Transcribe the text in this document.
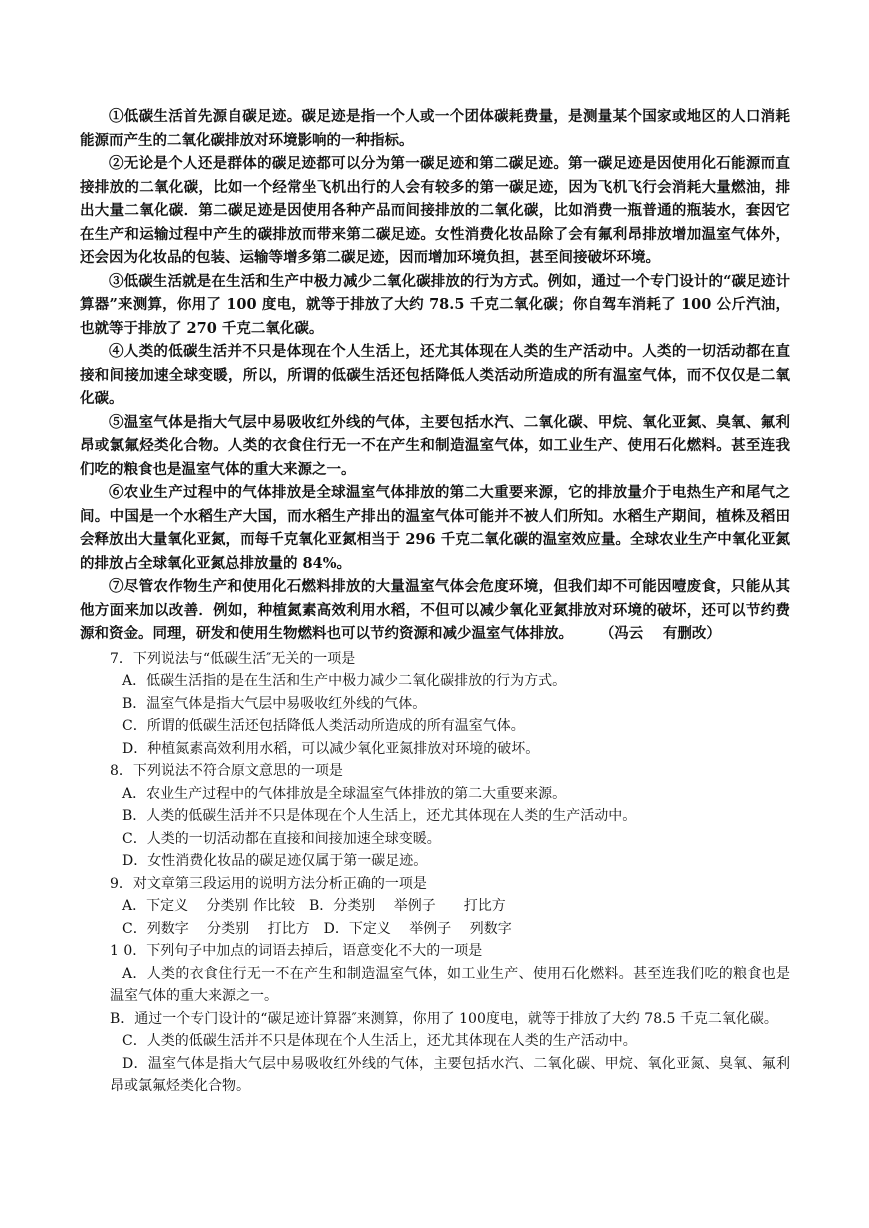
①低碳生活首先源自碳足迹。碳足迹是指一个人或一个团体碳耗费量，是测量某个国家或地区的人口消耗能源而产生的二氧化碳排放对环境影响的一种指标。

②无论是个人还是群体的碳足迹都可以分为第一碳足迹和第二碳足迹。第一碳足迹是因使用化石能源而直接排放的二氧化碳，比如一个经常坐飞机出行的人会有较多的第一碳足迹，因为飞机飞行会消耗大量燃油，排出大量二氧化碳．第二碳足迹是因使用各种产品而间接排放的二氧化碳，比如消费一瓶普通的瓶装水，套因它在生产和运输过程中产生的碳排放而带来第二碳足迹。女性消费化妆品除了会有氟利昂排放增加温室气体外，还会因为化妆品的包装、运输等增多第二碳足迹，因而增加环境负担，甚至间接破坏环境。

③低碳生活就是在生活和生产中极力减少二氧化碳排放的行为方式。例如，通过一个专门设计的“碳足迹计算器”来测算，你用了 100 度电，就等于排放了大约 78.5 千克二氧化碳；你自驾车消耗了 100 公斤汽油，也就等于排放了 270 千克二氧化碳。

④人类的低碳生活并不只是体现在个人生活上，还尤其体现在人类的生产活动中。人类的一切活动都在直接和间接加速全球变暖，所以，所谓的低碳生活还包括降低人类活动所造成的所有温室气体，而不仅仅是二氧化碳。

⑤温室气体是指大气层中易吸收红外线的气体，主要包括水汽、二氧化碳、甲烷、氧化亚氮、臭氧、氟利昂或氯氟烃类化合物。人类的衣食住行无一不在产生和制造温室气体，如工业生产、使用石化燃料。甚至连我们吃的粮食也是温室气体的重大来源之一。

⑥农业生产过程中的气体排放是全球温室气体排放的第二大重要来源，它的排放量介于电热生产和尾气之间。中国是一个水稻生产大国，而水稻生产排出的温室气体可能并不被人们所知。水稻生产期间，植株及稻田会释放出大量氧化亚氮，而每千克氧化亚氮相当于 296 千克二氧化碳的温室效应量。全球农业生产中氧化亚氮的排放占全球氧化亚氮总排放量的 84%。

⑦尽管农作物生产和使用化石燃料排放的大量温室气体会危度环境，但我们却不可能因噎废食，只能从其他方面来加以改善．例如，种植氮素高效利用水稻，不但可以减少氧化亚氮排放对环境的破坏，还可以节约费源和资金。同理，研发和使用生物燃料也可以节约资源和减少温室气体排放。　　 （冯云　 有删改）

7．下列说法与“低碳生活″无关的一项是

A．低碳生活指的是在生活和生产中极力减少二氧化碳排放的行为方式。

B．温室气体是指大气层中易吸收红外线的气体。

C．所谓的低碳生活还包括降低人类活动所造成的所有温室气体。

D．种植氮素高效利用水稻，可以减少氧化亚氮排放对环境的破坏。

8．下列说法不符合原文意思的一项是

A．农业生产过程中的气体排放是全球温室气体排放的第二大重要来源。

B．人类的低碳生活并不只是体现在个人生活上，还尤其体现在人类的生产活动中。

C．人类的一切活动都在直接和间接加速全球变暖。

D．女性消费化妆品的碳足迹仅属于第一碳足迹。

9．对文章第三段运用的说明方法分析正确的一项是

A．下定义　 分类别 作比较　B．分类别　 举例子　　打比方

C．列数字　 分类别　 打比方　D．下定义　 举例子　 列数字

1 0．下列句子中加点的词语去掉后，语意变化不大的一项是

A．人类的衣食住行无一不在产生和制造温室气体，如工业生产、使用石化燃料。甚至连我们吃的粮食也是温室气体的重大来源之一。

B．通过一个专门设计的“碳足迹计算器″来测算，你用了 100度电，就等于排放了大约 78.5 千克二氧化碳。

C．人类的低碳生活并不只是体现在个人生活上，还尤其体现在人类的生产活动中。

D．温室气体是指大气层中易吸收红外线的气体，主要包括水汽、二氧化碳、甲烷、氧化亚氮、臭氧、氟利昂或氯氟烃类化合物。
